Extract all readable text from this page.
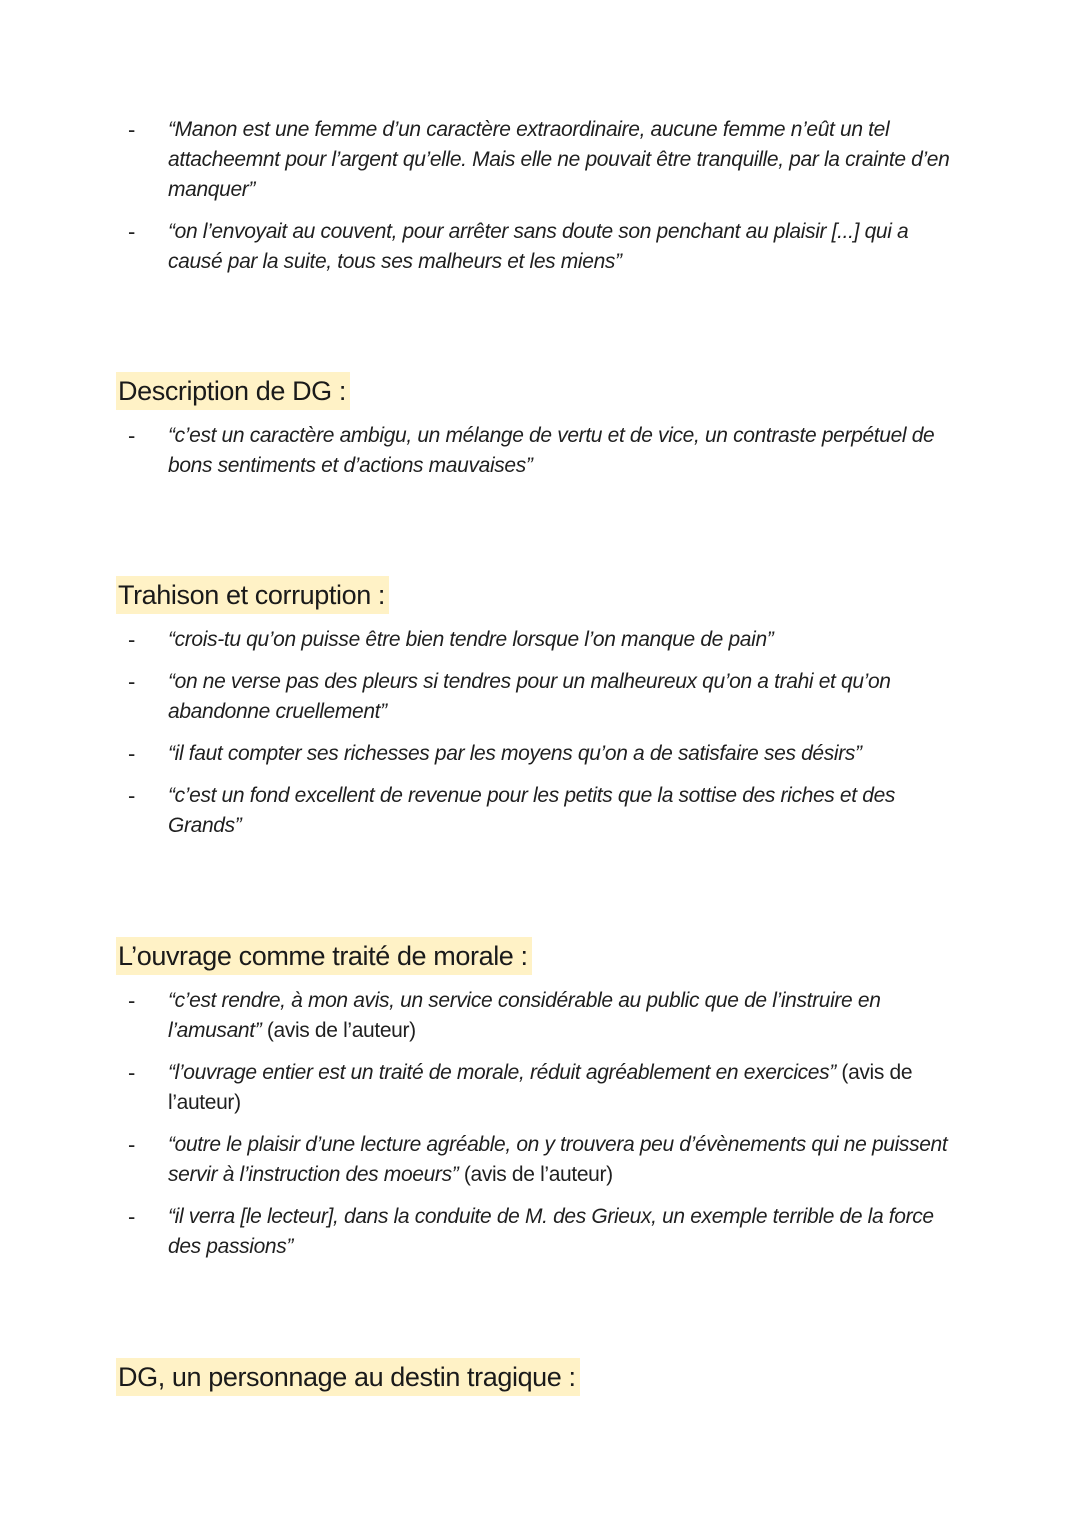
- “Manon est une femme d’un caractère extraordinaire, aucune femme n’eût un tel attacheemnt pour l’argent qu’elle. Mais elle ne pouvait être tranquille, par la crainte d’en manquer”
- “on l’envoyait au couvent, pour arrêter sans doute son penchant au plaisir [...] qui a causé par la suite, tous ses malheurs et les miens”
Description de DG :
- “c’est un caractère ambigu, un mélange de vertu et de vice, un contraste perpétuel de bons sentiments et d’actions mauvaises”
Trahison et corruption :
- “crois-tu qu’on puisse être bien tendre lorsque l’on manque de pain”
- “on ne verse pas des pleurs si tendres pour un malheureux qu’on a trahi et qu’on abandonne cruellement”
- “il faut compter ses richesses par les moyens qu’on a de satisfaire ses désirs”
- “c’est un fond excellent de revenue pour les petits que la sottise des riches et des Grands”
L’ouvrage comme traité de morale :
- “c’est rendre, à mon avis, un service considérable au public que de l’instruire en l’amusant” (avis de l’auteur)
- “l’ouvrage entier est un traité de morale, réduit agréablement en exercices” (avis de l’auteur)
- “outre le plaisir d’une lecture agréable, on y trouvera peu d’évènements qui ne puissent servir à l’instruction des moeurs” (avis de l’auteur)
- “il verra [le lecteur], dans la conduite de M. des Grieux, un exemple terrible de la force des passions”
DG, un personnage au destin tragique :
